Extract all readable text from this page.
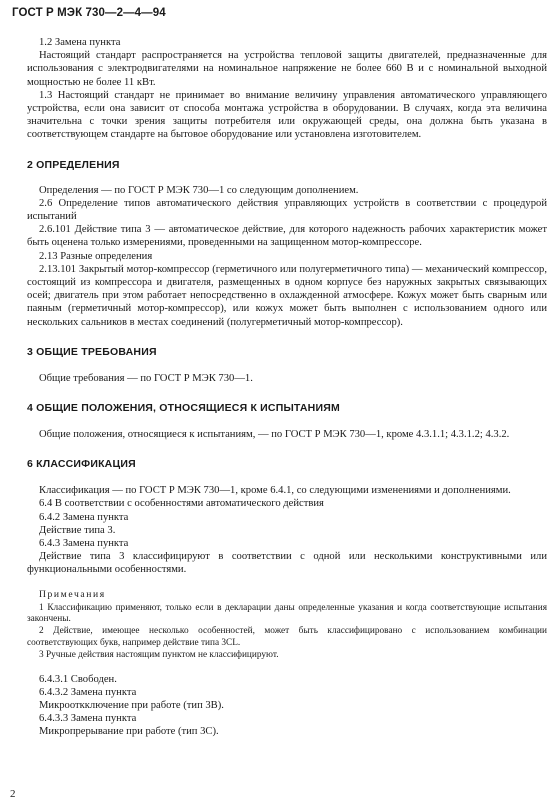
ГОСТ Р МЭК 730—2—4—94

1.2 Замена пункта

Настоящий стандарт распространяется на устройства тепловой защиты двигателей, предназначенные для использования с электродвигателями на номинальное напряжение не более 660 В и с номинальной выходной мощностью не более 11 кВт.

1.3 Настоящий стандарт не принимает во внимание величину управления автоматического управляющего устройства, если она зависит от способа монтажа устройства в оборудовании. В случаях, когда эта величина значительна с точки зрения защиты потребителя или окружающей среды, она должна быть указана в соответствующем стандарте на бытовое оборудование или установлена изготовителем.

2 ОПРЕДЕЛЕНИЯ

Определения — по ГОСТ Р МЭК 730—1 со следующим дополнением.

2.6 Определение типов автоматического действия управляющих устройств в соответствии с процедурой испытаний

2.6.101 Действие типа 3 — автоматическое действие, для которого надежность рабочих характеристик может быть оценена только измерениями, проведенными на защищенном мотор-компрессоре.

2.13 Разные определения

2.13.101 Закрытый мотор-компрессор (герметичного или полугерметичного типа) — механический компрессор, состоящий из компрессора и двигателя, размещенных в одном корпусе без наружных закрытых связывающих осей; двигатель при этом работает непосредственно в охлажденной атмосфере. Кожух может быть сварным или паяным (герметичный мотор-компрессор), или кожух может быть выполнен с использованием одного или нескольких сальников в местах соединений (полугерметичный мотор-компрессор).

3 ОБЩИЕ ТРЕБОВАНИЯ

Общие требования — по ГОСТ Р МЭК 730—1.

4 ОБЩИЕ ПОЛОЖЕНИЯ, ОТНОСЯЩИЕСЯ К ИСПЫТАНИЯМ

Общие положения, относящиеся к испытаниям, — по ГОСТ Р МЭК 730—1, кроме 4.3.1.1; 4.3.1.2; 4.3.2.

6 КЛАССИФИКАЦИЯ

Классификация — по ГОСТ Р МЭК 730—1, кроме 6.4.1, со следующими изменениями и дополнениями.

6.4 В соответствии с особенностями автоматического действия

6.4.2 Замена пункта

Действие типа 3.

6.4.3 Замена пункта

Действие типа 3 классифицируют в соответствии с одной или несколькими конструктивными или функциональными особенностями.

Примечания

1 Классификацию применяют, только если в декларации даны определенные указания и когда соответствующие испытания закончены.

2 Действие, имеющее несколько особенностей, может быть классифицировано с использованием комбинации соответствующих букв, например действие типа 3CL.

3 Ручные действия настоящим пунктом не классифицируют.

6.4.3.1 Свободен.

6.4.3.2 Замена пункта

Микрооткключение при работе (тип 3В).

6.4.3.3 Замена пункта

Микропрерывание при работе (тип 3С).

2
